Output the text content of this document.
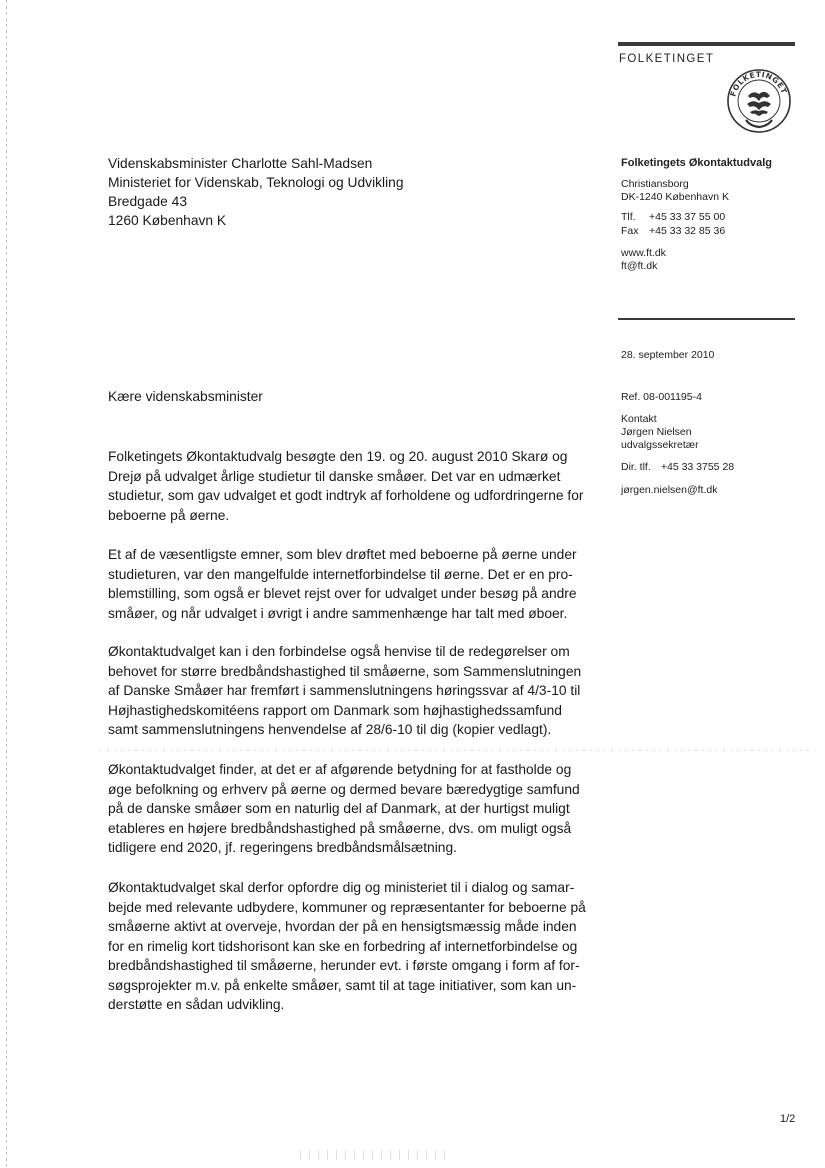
FOLKETINGET
FOLKETINGET
Folketingets Økontaktudvalg
Christiansborg
DK-1240 København K
Tlf. +45 33 37 55 00
Fax +45 33 32 85 36
www.ft.dk
ft@ft.dk
28. september 2010
Ref. 08-001195-4
Kontakt
Jørgen Nielsen
udvalgssekretær
Dir. tlf. +45 33 3755 28
jørgen.nielsen@ft.dk
Videnskabsminister Charlotte Sahl-Madsen
Ministeriet for Videnskab, Teknologi og Udvikling
Bredgade 43
1260 København K
Kære videnskabsminister
Folketingets Økontaktudvalg besøgte den 19. og 20. august 2010 Skarø og
Drejø på udvalget årlige studietur til danske småøer. Det var en udmærket
studietur, som gav udvalget et godt indtryk af forholdene og udfordringerne for
beboerne på øerne.
Et af de væsentligste emner, som blev drøftet med beboerne på øerne under
studieturen, var den mangelfulde internetforbindelse til øerne. Det er en pro-
blemstilling, som også er blevet rejst over for udvalget under besøg på andre
småøer, og når udvalget i øvrigt i andre sammenhænge har talt med øboer.
Økontaktudvalget kan i den forbindelse også henvise til de redegørelser om
behovet for større bredbåndshastighed til småøerne, som Sammenslutningen
af Danske Småøer har fremført i sammenslutningens høringssvar af 4/3-10 til
Højhastighedskomitéens rapport om Danmark som højhastighedssamfund
samt sammenslutningens henvendelse af 28/6-10 til dig (kopier vedlagt).
Økontaktudvalget finder, at det er af afgørende betydning for at fastholde og
øge befolkning og erhverv på øerne og dermed bevare bæredygtige samfund
på de danske småøer som en naturlig del af Danmark, at der hurtigst muligt
etableres en højere bredbåndshastighed på småøerne, dvs. om muligt også
tidligere end 2020, jf. regeringens bredbåndsmålsætning.
Økontaktudvalget skal derfor opfordre dig og ministeriet til i dialog og samar-
bejde med relevante udbydere, kommuner og repræsentanter for beboerne på
småøerne aktivt at overveje, hvordan der på en hensigtsmæssig måde inden
for en rimelig kort tidshorisont kan ske en forbedring af internetforbindelse og
bredbåndshastighed til småøerne, herunder evt. i første omgang i form af for-
søgsprojekter m.v. på enkelte småøer, samt til at tage initiativer, som kan un-
derstøtte en sådan udvikling.
1/2
